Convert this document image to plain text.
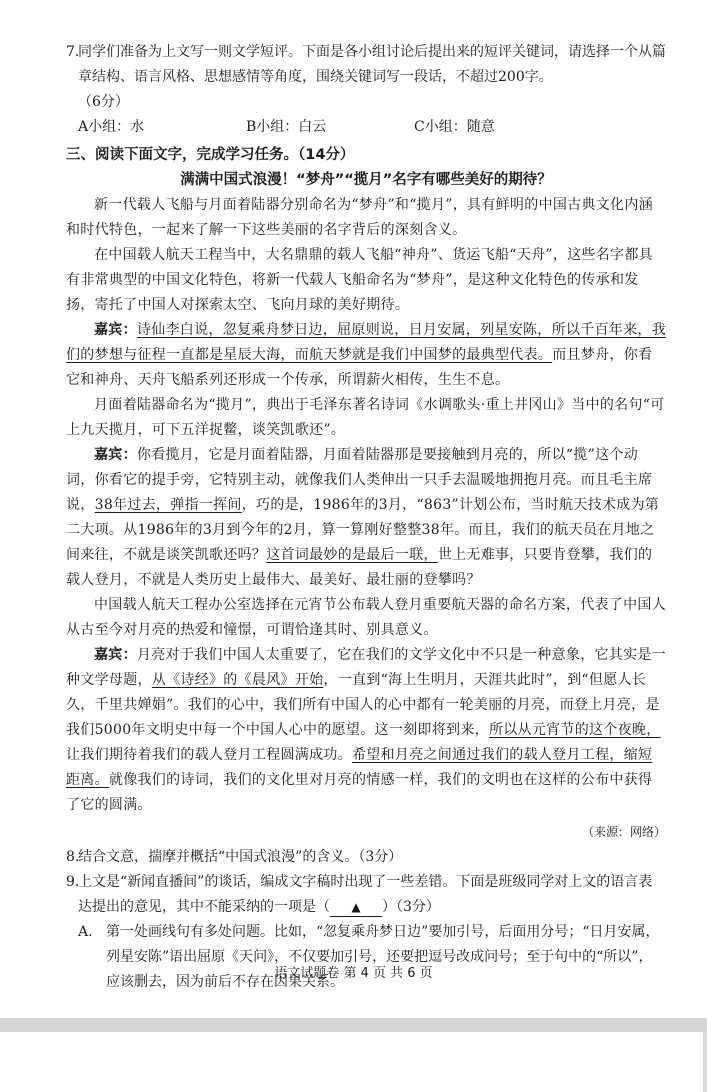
7.
同学们准备为上文写一则文学短评。下面是各小组讨论后提出来的短评关键词，请选择一个从篇章结构、语言风格、思想感情等角度，围绕关键词写一段话，不超过200字。

（6分）

A小组：水	B小组：白云	C小组：随意

三、阅读下面文字，完成学习任务。（14分）

满满中国式浪漫！“梦舟”“揽月”名字有哪些美好的期待？

新一代载人飞船与月面着陆器分别命名为“梦舟”和“揽月”，具有鲜明的中国古典文化内涵和时代特色，一起来了解一下这些美丽的名字背后的深刻含义。

在中国载人航天工程当中，大名鼎鼎的载人飞船“神舟”、货运飞船“天舟”，这些名字都具有非常典型的中国文化特色，将新一代载人飞船命名为“梦舟”，是这种文化特色的传承和发扬，寄托了中国人对探索太空、飞向月球的美好期待。

嘉宾：诗仙李白说，忽复乘舟梦日边，屈原则说，日月安属，列星安陈，所以千百年来，我们的梦想与征程一直都是星辰大海，而航天梦就是我们中国梦的最典型代表。而且梦舟，你看它和神舟、天舟飞船系列还形成一个传承，所谓薪火相传，生生不息。

月面着陆器命名为“揽月”，典出于毛泽东著名诗词《水调歌头·重上井冈山》当中的名句“可上九天揽月，可下五洋捉鳖，谈笑凯歌还”。

嘉宾：你看揽月，它是月面着陆器，月面着陆器那是要接触到月亮的，所以“揽”这个动词，你看它的提手旁，它特别主动，就像我们人类伸出一只手去温暖地拥抱月亮。而且毛主席说，38年过去，弹指一挥间，巧的是，1986年的3月，“863”计划公布，当时航天技术成为第二大项。从1986年的3月到今年的2月，算一算刚好整整38年。而且，我们的航天员在月地之间来往，不就是谈笑凯歌还吗？这首词最妙的是最后一联，世上无难事，只要肯登攀，我们的载人登月，不就是人类历史上最伟大、最美好、最壮丽的登攀吗？

中国载人航天工程办公室选择在元宵节公布载人登月重要航天器的命名方案，代表了中国人从古至今对月亮的热爱和憧憬，可谓恰逢其时、别具意义。

嘉宾：月亮对于我们中国人太重要了，它在我们的文学文化中不只是一种意象，它其实是一种文学母题，从《诗经》的《晨风》开始，一直到“海上生明月，天涯共此时”，到“但愿人长久，千里共婵娟”。我们的心中，我们所有中国人的心中都有一轮美丽的月亮，而登上月亮，是我们5000年文明史中每一个中国人心中的愿望。这一刻即将到来，所以从元宵节的这个夜晚，让我们期待着我们的载人登月工程圆满成功。希望和月亮之间通过我们的载人登月工程，缩短距离。就像我们的诗词，我们的文化里对月亮的情感一样，我们的文明也在这样的公布中获得了它的圆满。

（来源：网络）

8.
结合文意，揣摩并概括“中国式浪漫”的含义。（3分）

9.
上文是“新闻直播间”的谈话，编成文字稿时出现了一些差错。下面是班级同学对上文的语言表达提出的意见，其中不能采纳的一项是（ ▲ ）（3分）

A. 第一处画线句有多处问题。比如，“忽复乘舟梦日边”要加引号，后面用分号；“日月安属，列星安陈”语出屈原《天问》，不仅要加引号，还要把逗号改成问号；至于句中的“所以”，应该删去，因为前后不存在因果关系。

语文试题卷 第 4 页 共 6 页
